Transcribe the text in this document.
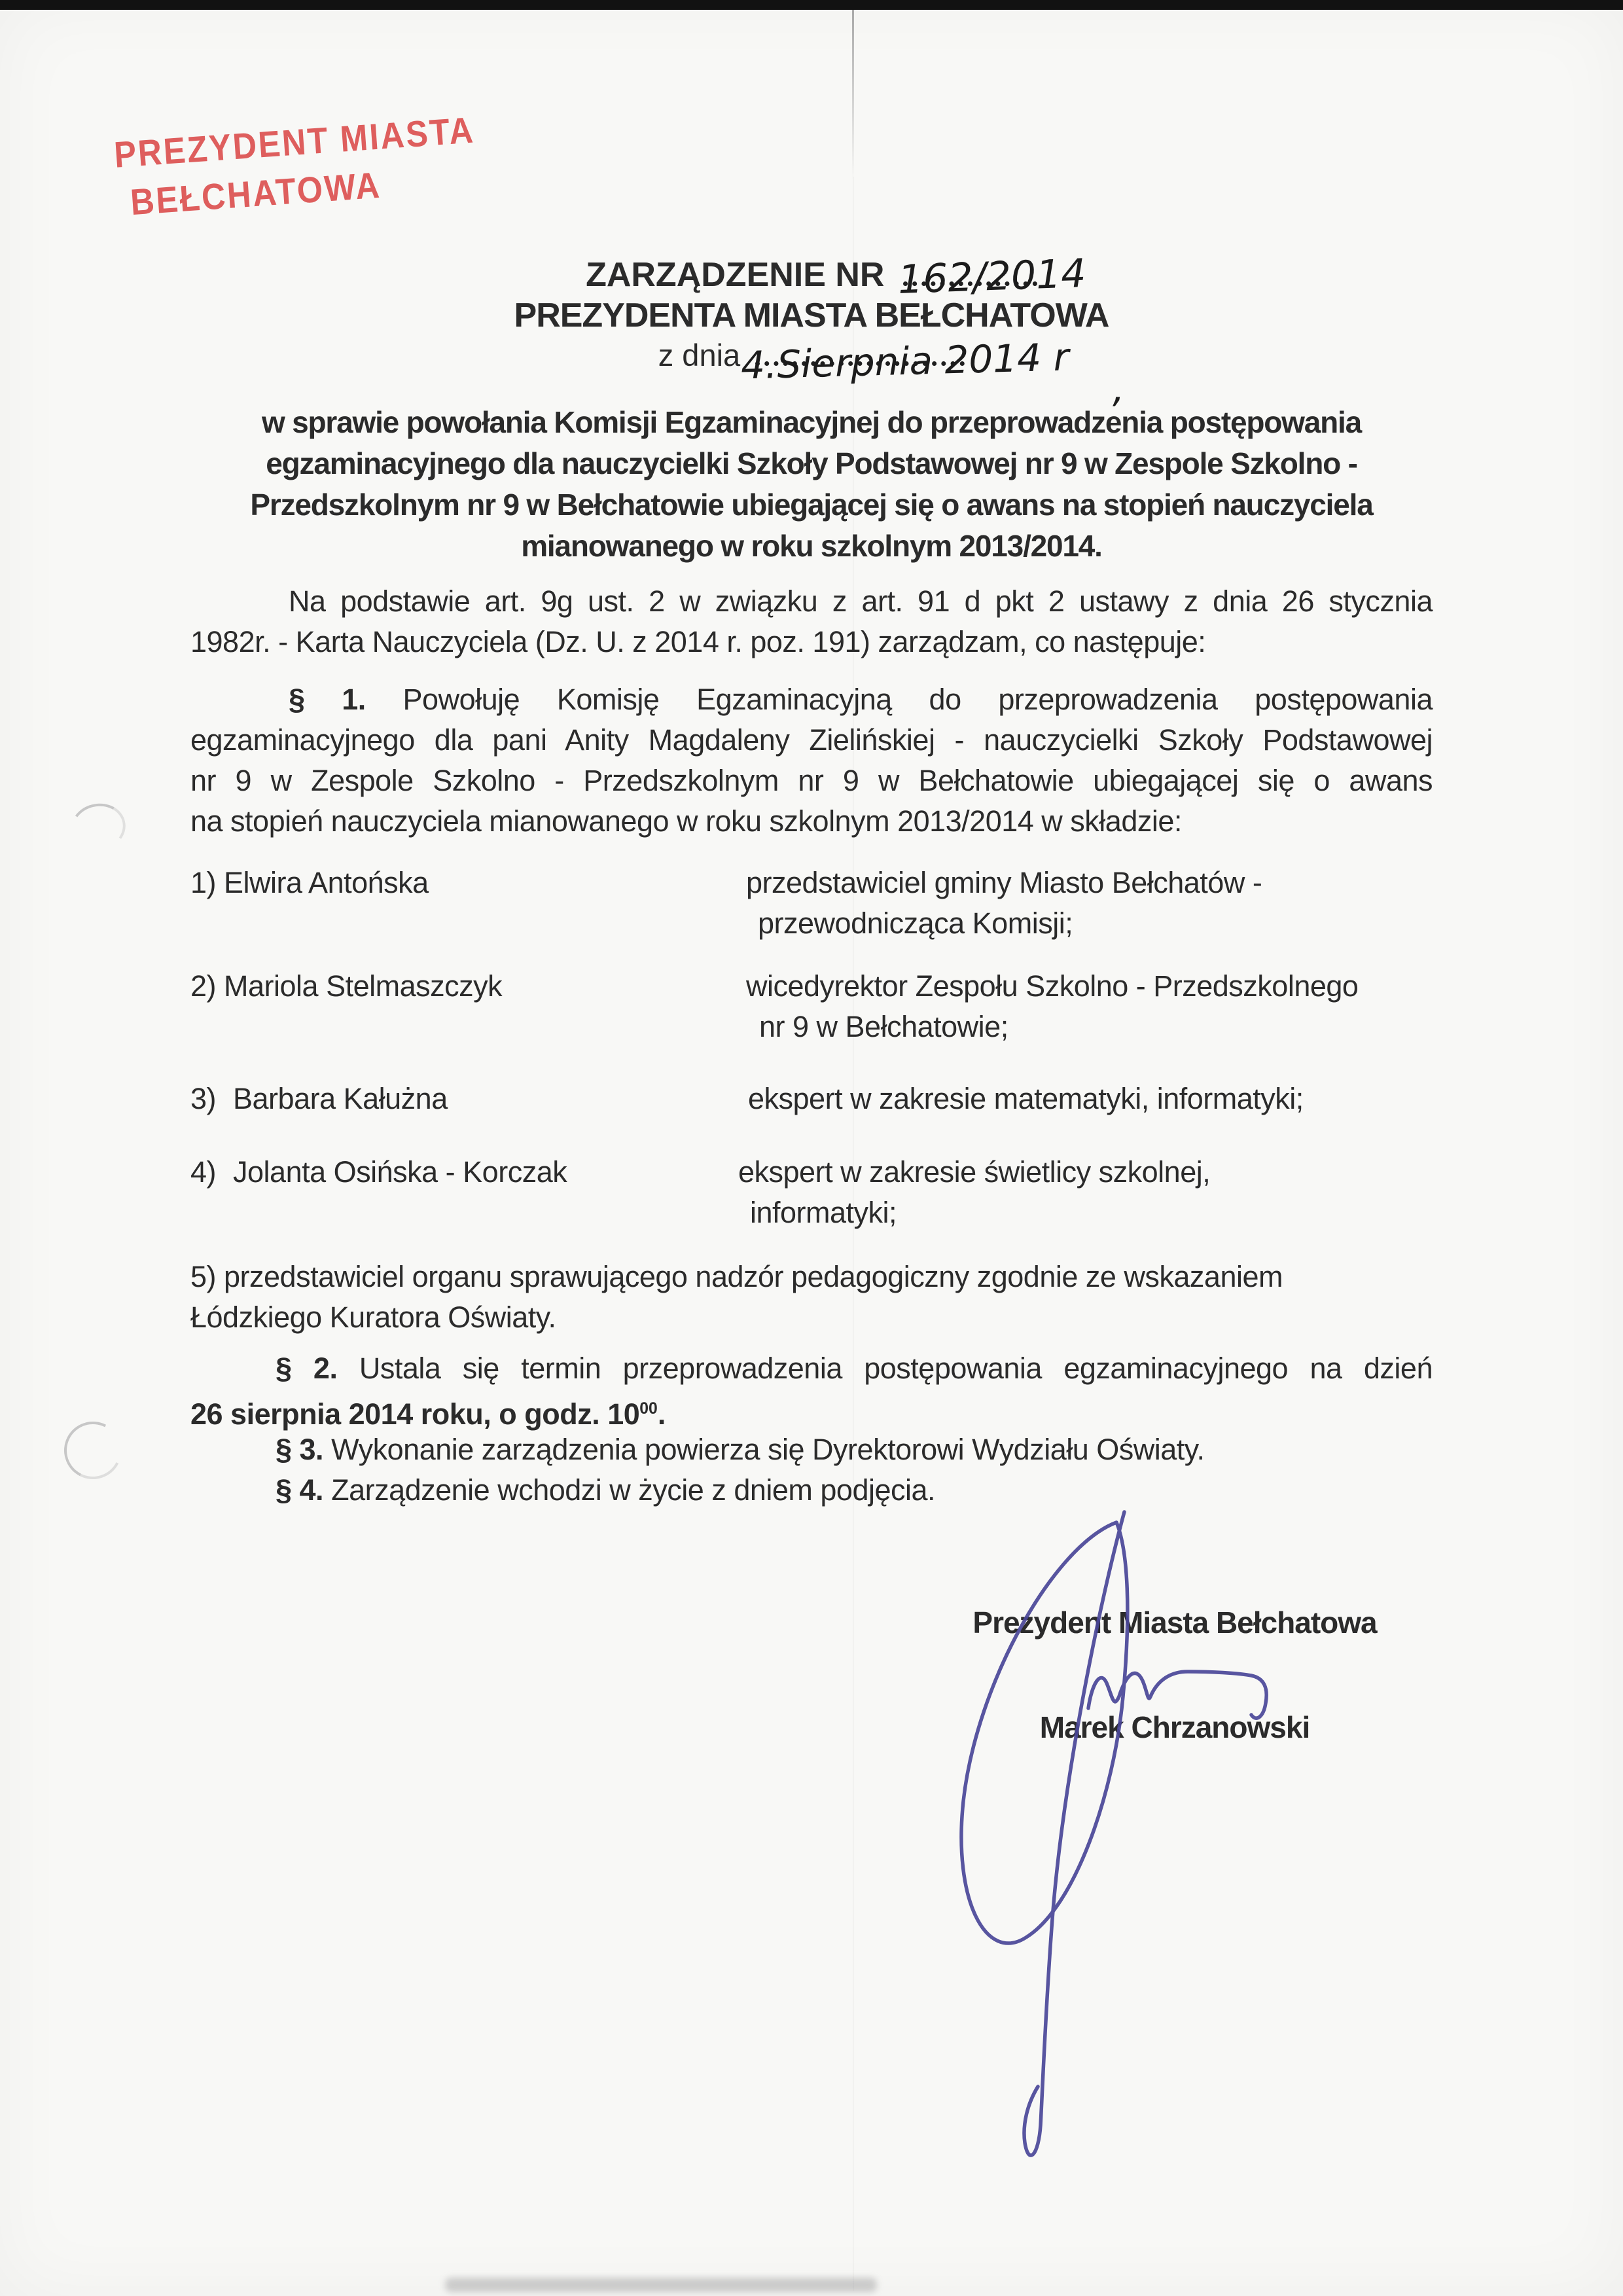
PREZYDENT MIASTA
BEŁCHATOWA
ZARZĄDZENIE NR 162/2014
PREZYDENTA MIASTA BEŁCHATOWA
z dnia 4.Sierpnia 2014 r
,
w sprawie powołania Komisji Egzaminacyjnej do przeprowadzenia postępowania
egzaminacyjnego dla nauczycielki Szkoły Podstawowej nr 9 w Zespole Szkolno -
Przedszkolnym nr 9 w Bełchatowie ubiegającej się o awans na stopień nauczyciela
mianowanego w roku szkolnym 2013/2014.
Na podstawie art. 9g ust. 2 w związku z art. 91 d pkt 2 ustawy z dnia 26 stycznia
1982r. - Karta Nauczyciela (Dz. U. z 2014 r. poz. 191) zarządzam, co następuje:
§ 1. Powołuję Komisję Egzaminacyjną do przeprowadzenia postępowania
egzaminacyjnego dla pani Anity Magdaleny Zielińskiej - nauczycielki Szkoły Podstawowej
nr 9 w Zespole Szkolno - Przedszkolnym nr 9 w Bełchatowie ubiegającej się o awans
na stopień nauczyciela mianowanego w roku szkolnym 2013/2014 w składzie:
1) Elwira Antońska	przedstawiciel gminy Miasto Bełchatów -
przewodnicząca Komisji;
2) Mariola Stelmaszczyk	wicedyrektor Zespołu Szkolno - Przedszkolnego
nr 9 w Bełchatowie;
3) Barbara Kałużna	ekspert w zakresie matematyki, informatyki;
4) Jolanta Osińska - Korczak	ekspert w zakresie świetlicy szkolnej,
informatyki;
5) przedstawiciel organu sprawującego nadzór pedagogiczny zgodnie ze wskazaniem
Łódzkiego Kuratora Oświaty.
§ 2. Ustala się termin przeprowadzenia postępowania egzaminacyjnego na dzień
26 sierpnia 2014 roku, o godz. $10^{00}$.
§ 3. Wykonanie zarządzenia powierza się Dyrektorowi Wydziału Oświaty.
§ 4. Zarządzenie wchodzi w życie z dniem podjęcia.
Prezydent Miasta Bełchatowa
Marek Chrzanowski
